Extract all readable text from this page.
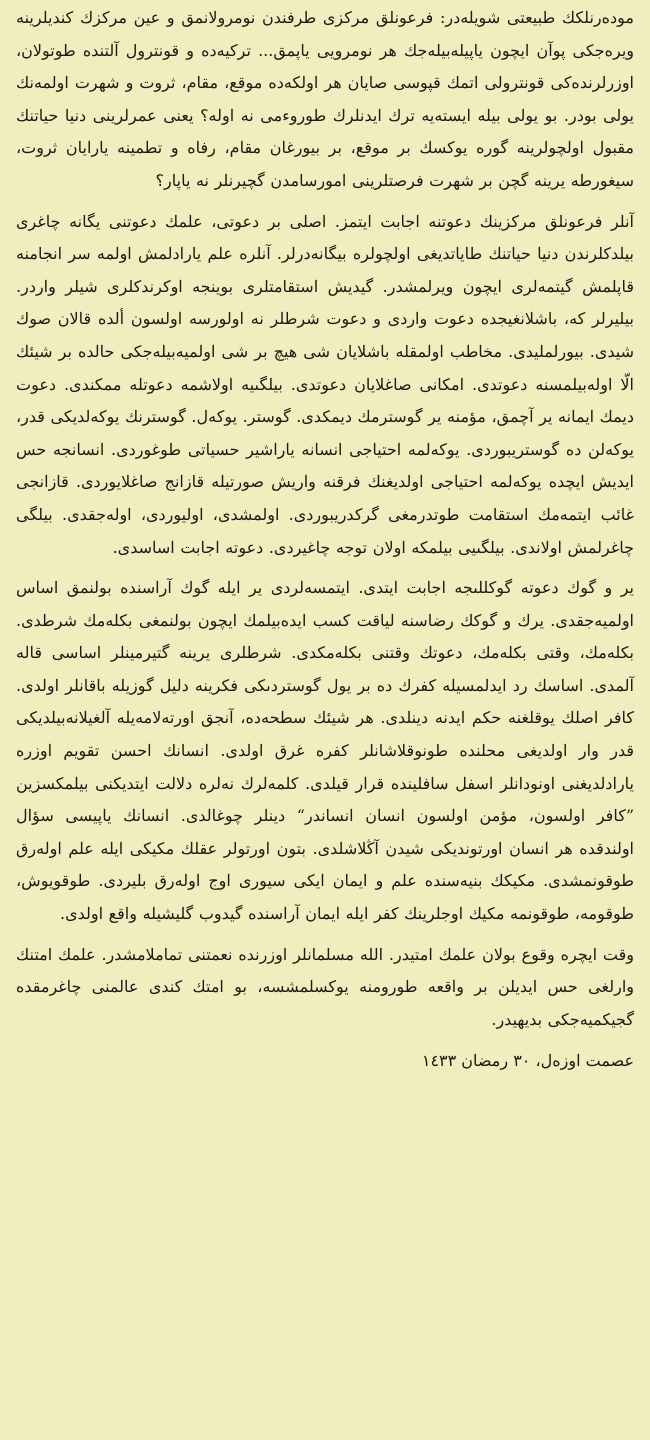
مودەرنلكك طبيعتى شويلەدر: فرعونلق مركزى طرفندن نومرولانمق و عين مركزك كنديلرينە ويرەجكى پوآن ايچون ياپيلەبيلەجك هر نومرويى ياپمق... تركيەدە و قونترول آلتندە طوتولان، اوزرلرندەكى قونترولى اتمك قپوسى صايان هر اولكەدە موقع، مقام، ثروت و شهرت اولمەنك يولى بودر. بو يولى بيلە ايستەيە ترك ايدنلرك طوروءمى نە اولە؟ يعنى عمرلرينى دنيا حياتنك مقبول اولچولرينە گورە يوكسك بر موقع، بر بيورغان مقام، رفاه و تطمينە يارايان ثروت، سيغورطە يرينە گچن بر شهرت فرصتلرينى امورسامدن گچيرنلر نە ياپار؟

آنلر فرعونلق مركزينك دعوتنە اجابت ايتمز. اصلى بر دعوتى، علمك دعوتنى يگانە چاغرى بيلدكلرندن دنيا حياتنك طاياتديغى اولچولرە بيگانەدرلر. آنلرە علم يارادلمش اولمە سر انجامنە قاپلمش گيتمەلرى ايچون ويرلمشدر. گيديش استقامتلرى بوينجە اوكرندكلرى شيلر واردر. بيليرلر كە، باشلانغيجدە دعوت واردى و دعوت شرطلر نە اولورسە اولسون ألدە قالان صوك شيدى. بيورلمليدى. مخاطب اولمقلە باشلايان شى هيچ بر شى اولميەبيلەجكى حالدە بر شيئك الّا اولەبيلمسنە دعوتدى. امكانى صاغلايان دعوتدى. بيلگىيە اولاشمە دعوتلە ممكندى. دعوت ديمك ايمانە ير آچمق، مؤمنە ير گوسترمك ديمكدى. گوستر. يوكه‌ل. گوسترنك يوكه‌لديكى قدر، يوكه‌لن دە گوستريبوردى. يوكه‌لمە احتياجى انسانە ياراشير حسياتى طوغوردى. انسانجە حس ايديش ايچدە يوكه‌لمە احتياجى اولديغنك فرقنە واريش صورتيلە قازانج صاغلايوردى. قازانجى غائب ايتمەمك استقامت طوتدرمغى گركدريبوردى. اولمشدى، اوليوردى، اولەجقدى. بيلگى چاغرلمش اولاندى. بيلگىيى بيلمكە اولان توجە چاغيردى. دعوتە اجابت اساسدى.

ير و گوك دعوتە گوكللىجە اجابت ايتدى. ايتمسەلردى ير ايلە گوك آراسندە بولنمق اساس اولميەجقدى. يرك و گوكك رضاسنە لياقت كسب ايدەبيلمك ايچون بولنمغى بكلەمك شرطدى. بكلەمك، وقتى بكلەمك، دعوتك وقتنى بكلەمكدى. شرطلرى يرينە گتيرمينلر اساسى قالە آلمدى. اساسك رد ايدلمسيلە كفرك دە بر يول گوستردىكى فكرينە دليل گوزيلە باقانلر اولدى. كافر اصلك يوقلغنە حكم ايدنە دينلدى. هر شيئك سطحەدە، آنجق اورتەلامەيلە آلغيلانەبيلديكى قدر وار اولديغى محلندە طونوقلاشانلر كفرە غرق اولدى. انسانك احسن تقويم اوزرە يارادلديغنى اونودانلر اسفل سافلينده قرار قيلدى. كلمەلرك نەلرە دلالت ايتديكنى بيلمكسزين ”كافر اولسون، مؤمن اولسون انسان انساندر“ دينلر چوغالدى. انسانك ياپيسى سؤال اولندقدە هر انسان اورتونديكى شيدن آڭلاشلدى. بتون اورتولر عقلك مكيكى ايلە علم اولەرق طوقونمشدى. مكيكك بنيەسندە علم و ايمان ايكى سيورى اوج اولەرق بليردى. طوقويوش، طوقومە، طوقونمە مكيك اوجلرينك كفر ايلە ايمان آراسندە گيدوب گليشيلە واقع اولدى.

وقت ايچرە وقوع بولان علمك امتيدر. اللە مسلمانلر اوزرندە نعمتنى تماملامشدر. علمك امتنك وارلغى حس ايديلن بر واقعە طورومنە يوكسلمشسە، بو امتك كندى عالمنى چاغرمقدە گجيكميەجكى بديهيدر.

عصمت اوزەل، ٣٠ رمضان ١٤٣٣
